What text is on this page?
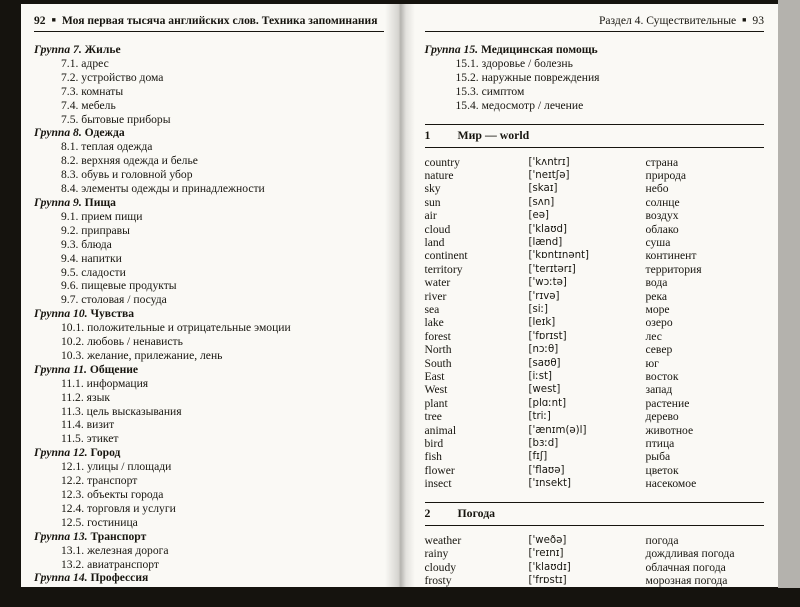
92 ■ Моя первая тысяча английских слов. Техника запоминания
Группа 7. Жилье
7.1. адрес
7.2. устройство дома
7.3. комнаты
7.4. мебель
7.5. бытовые приборы
Группа 8. Одежда
8.1. теплая одежда
8.2. верхняя одежда и белье
8.3. обувь и головной убор
8.4. элементы одежды и принадлежности
Группа 9. Пища
9.1. прием пищи
9.2. приправы
9.3. блюда
9.4. напитки
9.5. сладости
9.6. пищевые продукты
9.7. столовая / посуда
Группа 10. Чувства
10.1. положительные и отрицательные эмоции
10.2. любовь / ненависть
10.3. желание, прилежание, лень
Группа 11. Общение
11.1. информация
11.2. язык
11.3. цель высказывания
11.4. визит
11.5. этикет
Группа 12. Город
12.1. улицы / площади
12.2. транспорт
12.3. объекты города
12.4. торговля и услуги
12.5. гостиница
Группа 13. Транспорт
13.1. железная дорога
13.2. авиатранспорт
Группа 14. Профессия
Раздел 4. Существительные ■ 93
Группа 15. Медицинская помощь
15.1. здоровье / болезнь
15.2. наружные повреждения
15.3. симптом
15.4. медосмотр / лечение
1	Мир — world
country	['kʌntrɪ]	страна
nature	['neɪtʃə]	природа
sky	[skaɪ]	небо
sun	[sʌn]	солнце
air	[eə]	воздух
cloud	['klaʊd]	облако
land	[lænd]	суша
continent	['kɒntɪnənt]	континент
territory	['terɪtərɪ]	территория
water	['wɔːtə]	вода
river	['rɪvə]	река
sea	[siː]	море
lake	[leɪk]	озеро
forest	['fɒrɪst]	лес
North	[nɔːθ]	север
South	[saʊθ]	юг
East	[iːst]	восток
West	[west]	запад
plant	[plɑːnt]	растение
tree	[triː]	дерево
animal	['ænɪm(ə)l]	животное
bird	[bɜːd]	птица
fish	[fɪʃ]	рыба
flower	['flaʊə]	цветок
insect	['ɪnsekt]	насекомое
2	Погода
weather	['weðə]	погода
rainy	['reɪnɪ]	дождливая погода
cloudy	['klaʊdɪ]	облачная погода
frosty	['frɒstɪ]	морозная погода
